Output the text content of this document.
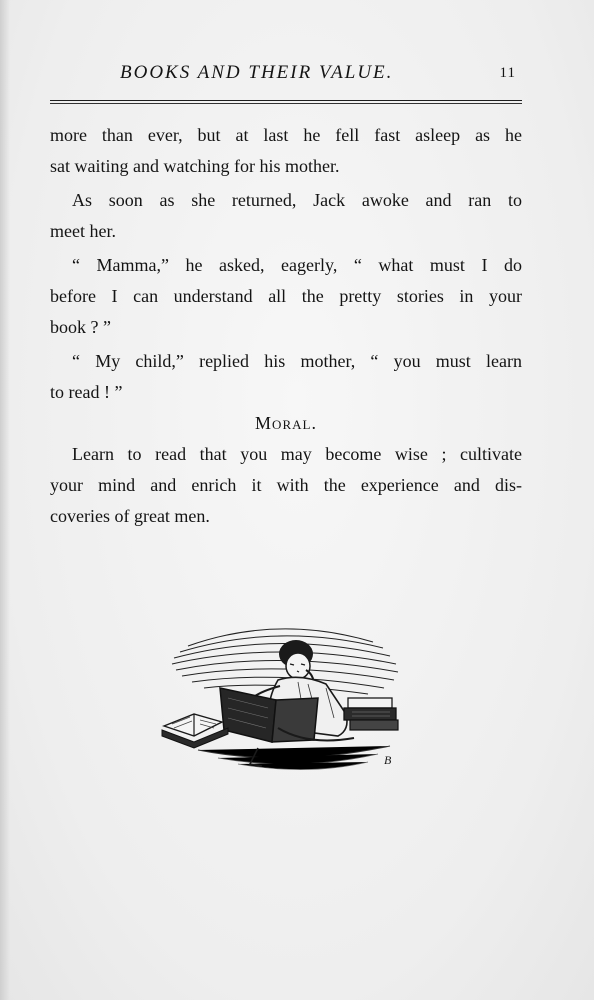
BOOKS AND THEIR VALUE.	11
more than ever, but at last he fell fast asleep as he
sat waiting and watching for his mother.
As soon as she returned, Jack awoke and ran to
meet her.
“ Mamma,” he asked, eagerly, “ what must I do
before I can understand all the pretty stories in your
book ? ”
“ My child,” replied his mother, “ you must learn
to read ! ”
Moral.
Learn to read that you may become wise ; cultivate
your mind and enrich it with the experience and dis-
coveries of great men.
B
